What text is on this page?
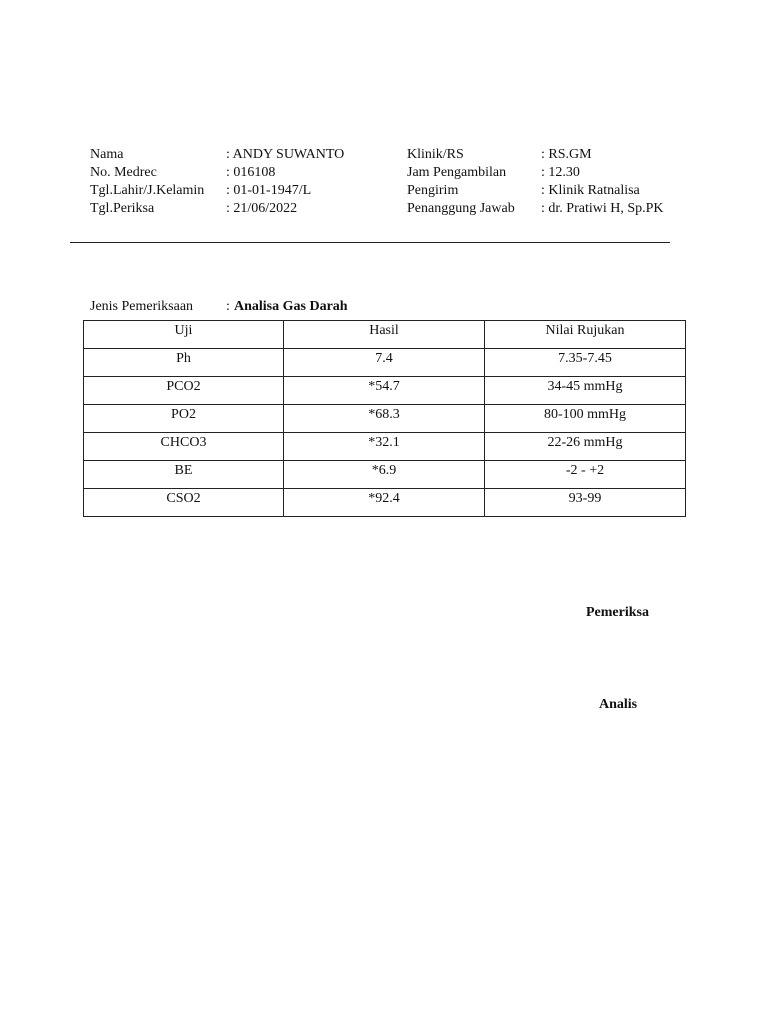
Nama	: ANDY SUWANTO
No. Medrec	: 016108
Tgl.Lahir/J.Kelamin : 01-01-1947/L
Tgl.Periksa	: 21/06/2022
Klinik/RS	: RS.GM
Jam Pengambilan : 12.30
Pengirim	: Klinik Ratnalisa
Penanggung Jawab : dr. Pratiwi H, Sp.PK
Jenis Pemeriksaan : Analisa Gas Darah
Uji	Hasil	Nilai Rujukan
Ph	7.4	7.35-7.45
PCO2	*54.7	34-45 mmHg
PO2	*68.3	80-100 mmHg
CHCO3	*32.1	22-26 mmHg
BE	*6.9	-2 - +2
CSO2	*92.4	93-99
Pemeriksa
Analis
